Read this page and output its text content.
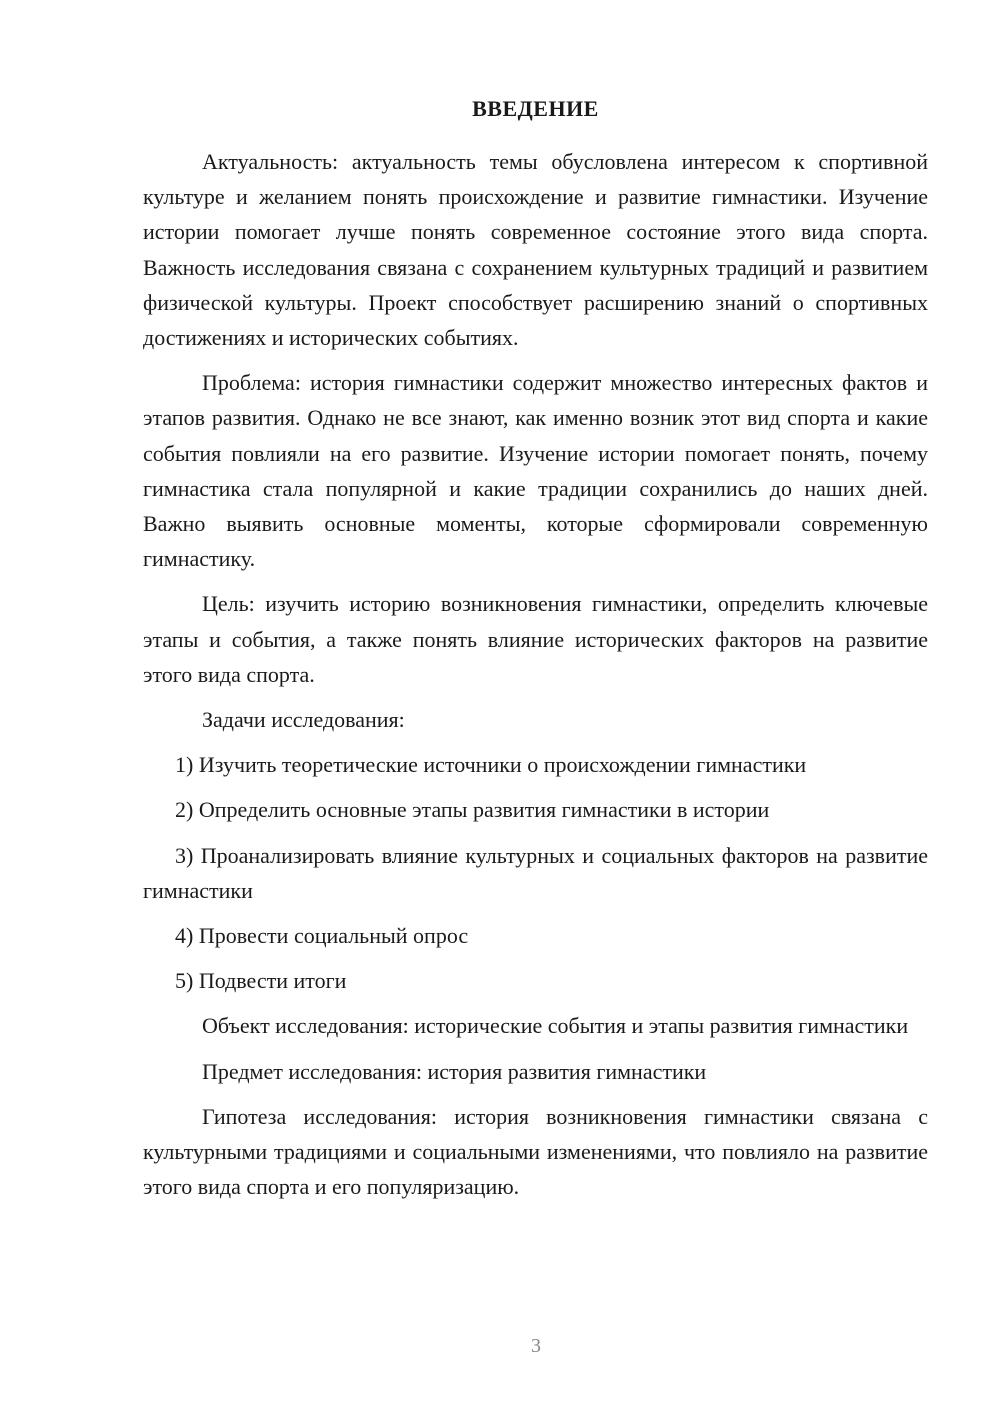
ВВЕДЕНИЕ

Актуальность: актуальность темы обусловлена интересом к спортивной культуре и желанием понять происхождение и развитие гимнастики. Изучение истории помогает лучше понять современное состояние этого вида спорта. Важность исследования связана с сохранением культурных традиций и развитием физической культуры. Проект способствует расширению знаний о спортивных достижениях и исторических событиях.

Проблема: история гимнастики содержит множество интересных фактов и этапов развития. Однако не все знают, как именно возник этот вид спорта и какие события повлияли на его развитие. Изучение истории помогает понять, почему гимнастика стала популярной и какие традиции сохранились до наших дней. Важно выявить основные моменты, которые сформировали современную гимнастику.

Цель: изучить историю возникновения гимнастики, определить ключевые этапы и события, а также понять влияние исторических факторов на развитие этого вида спорта.

Задачи исследования:

1) Изучить теоретические источники о происхождении гимнастики

2) Определить основные этапы развития гимнастики в истории

3) Проанализировать влияние культурных и социальных факторов на развитие гимнастики

4) Провести социальный опрос

5) Подвести итоги

Объект исследования: исторические события и этапы развития гимнастики

Предмет исследования: история развития гимнастики

Гипотеза исследования: история возникновения гимнастики связана с культурными традициями и социальными изменениями, что повлияло на развитие этого вида спорта и его популяризацию.

3
